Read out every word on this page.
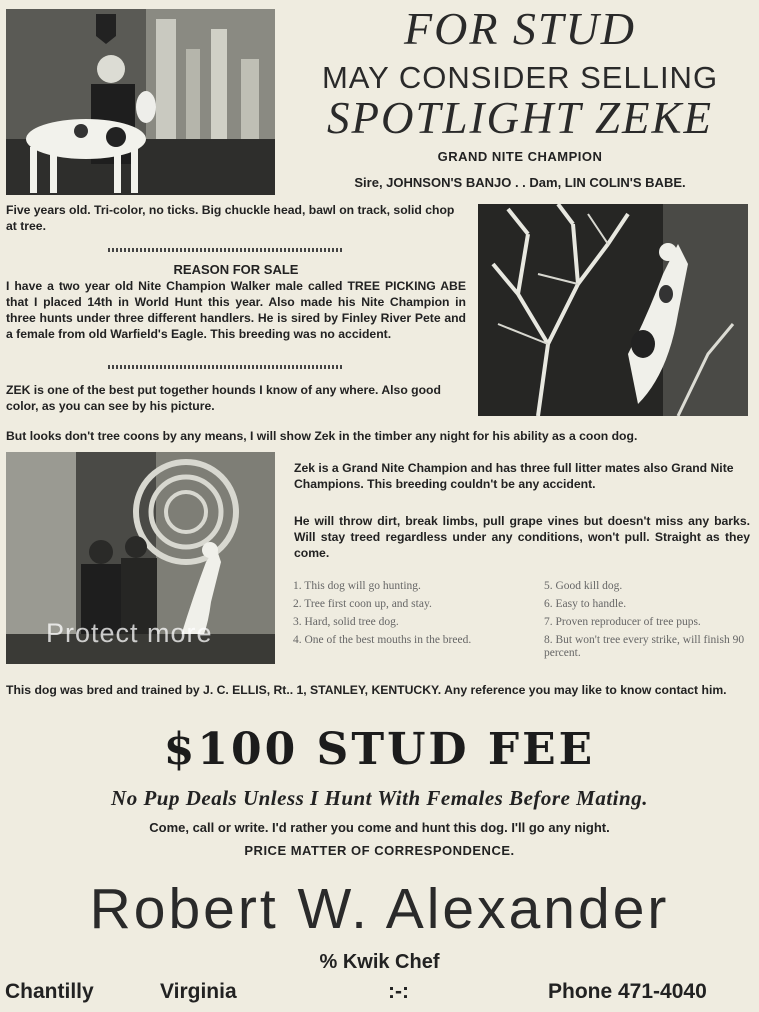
FOR STUD
MAY CONSIDER SELLING
SPOTLIGHT ZEKE
GRAND NITE CHAMPION
Sire, JOHNSON'S BANJO . . Dam, LIN COLIN'S BABE.
Five years old. Tri-color, no ticks. Big chuckle head, bawl on track, solid chop at tree.
REASON FOR SALE
I have a two year old Nite Champion Walker male called TREE PICKING ABE that I placed 14th in World Hunt this year. Also made his Nite Champion in three hunts under three different handlers. He is sired by Finley River Pete and a female from old Warfield's Eagle. This breeding was no accident.
ZEK is one of the best put together hounds I know of any where. Also good color, as you can see by his picture.
But looks don't tree coons by any means, I will show Zek in the timber any night for his ability as a coon dog.
Protect more
Zek is a Grand Nite Champion and has three full litter mates also Grand Nite Champions. This breeding couldn't be any accident.
He will throw dirt, break limbs, pull grape vines but doesn't miss any barks. Will stay treed regardless under any conditions, won't pull. Straight as they come.
1. This dog will go hunting.
2. Tree first coon up, and stay.
3. Hard, solid tree dog.
4. One of the best mouths in the breed.
5. Good kill dog.
6. Easy to handle.
7. Proven reproducer of tree pups.
8. But won't tree every strike, will finish 90 percent.
This dog was bred and trained by J. C. ELLIS, Rt.. 1, STANLEY, KENTUCKY. Any reference you may like to know contact him.
$100 STUD FEE
No Pup Deals Unless I Hunt With Females Before Mating.
Come, call or write. I'd rather you come and hunt this dog. I'll go any night.
PRICE MATTER OF CORRESPONDENCE.
Robert W. Alexander
% Kwik Chef
Chantilly	Virginia	:-:	Phone 471-4040
